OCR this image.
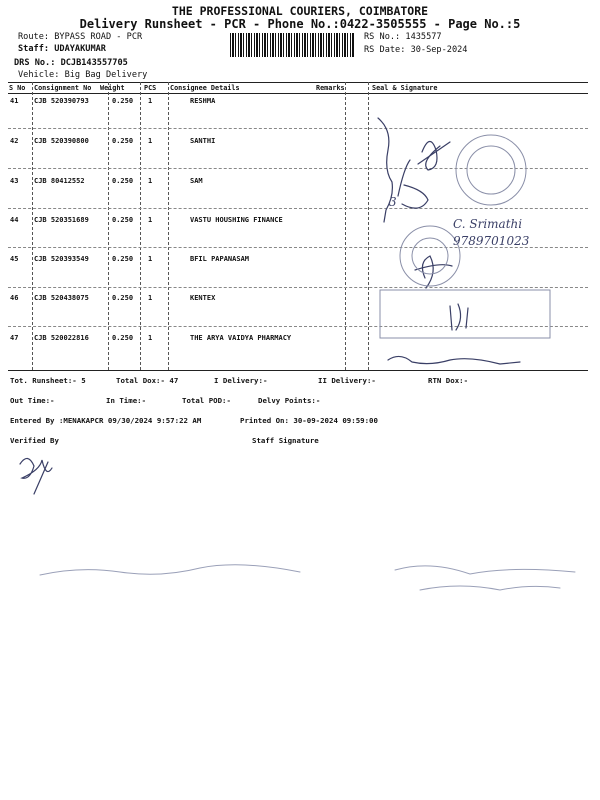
THE PROFESSIONAL COURIERS, COIMBATORE
Delivery Runsheet - PCR - Phone No.:0422-3505555 - Page No.:5
Route: BYPASS ROAD - PCR
Staff: UDAYAKUMAR
DRS No.: DCJB143557705
Vehicle: Big Bag Delivery
RS No.: 1435577
RS Date: 30-Sep-2024
S No Consignment No Weight	PCS Consignee Details	Remarks	Seal & Signature
41 CJB 520390793	0.250 1	RESHMA
42 CJB 520390800	0.250 1	SANTHI
43 CJB 80412552	0.250 1	SAM
44 CJB 520351689	0.250 1	VASTU HOUSHING FINANCE
45 CJB 520393549	0.250 1	BFIL PAPANASAM
46 CJB 520438075	0.250 1	KENTEX
47 CJB 520022816	0.250 1	THE ARYA VAIDYA PHARMACY
C. Srimathi
9789701023
3
Tot. Runsheet:- 5	Total Dox:- 47	I Delivery:-	II Delivery:-	RTN Dox:-
Out Time:-	In Time:-	Total POD:-	Delvy Points:-
Entered By :MENAKAPCR 09/30/2024 9:57:22 AM	Printed On: 30-09-2024 09:59:00
Verified By	Staff Signature
